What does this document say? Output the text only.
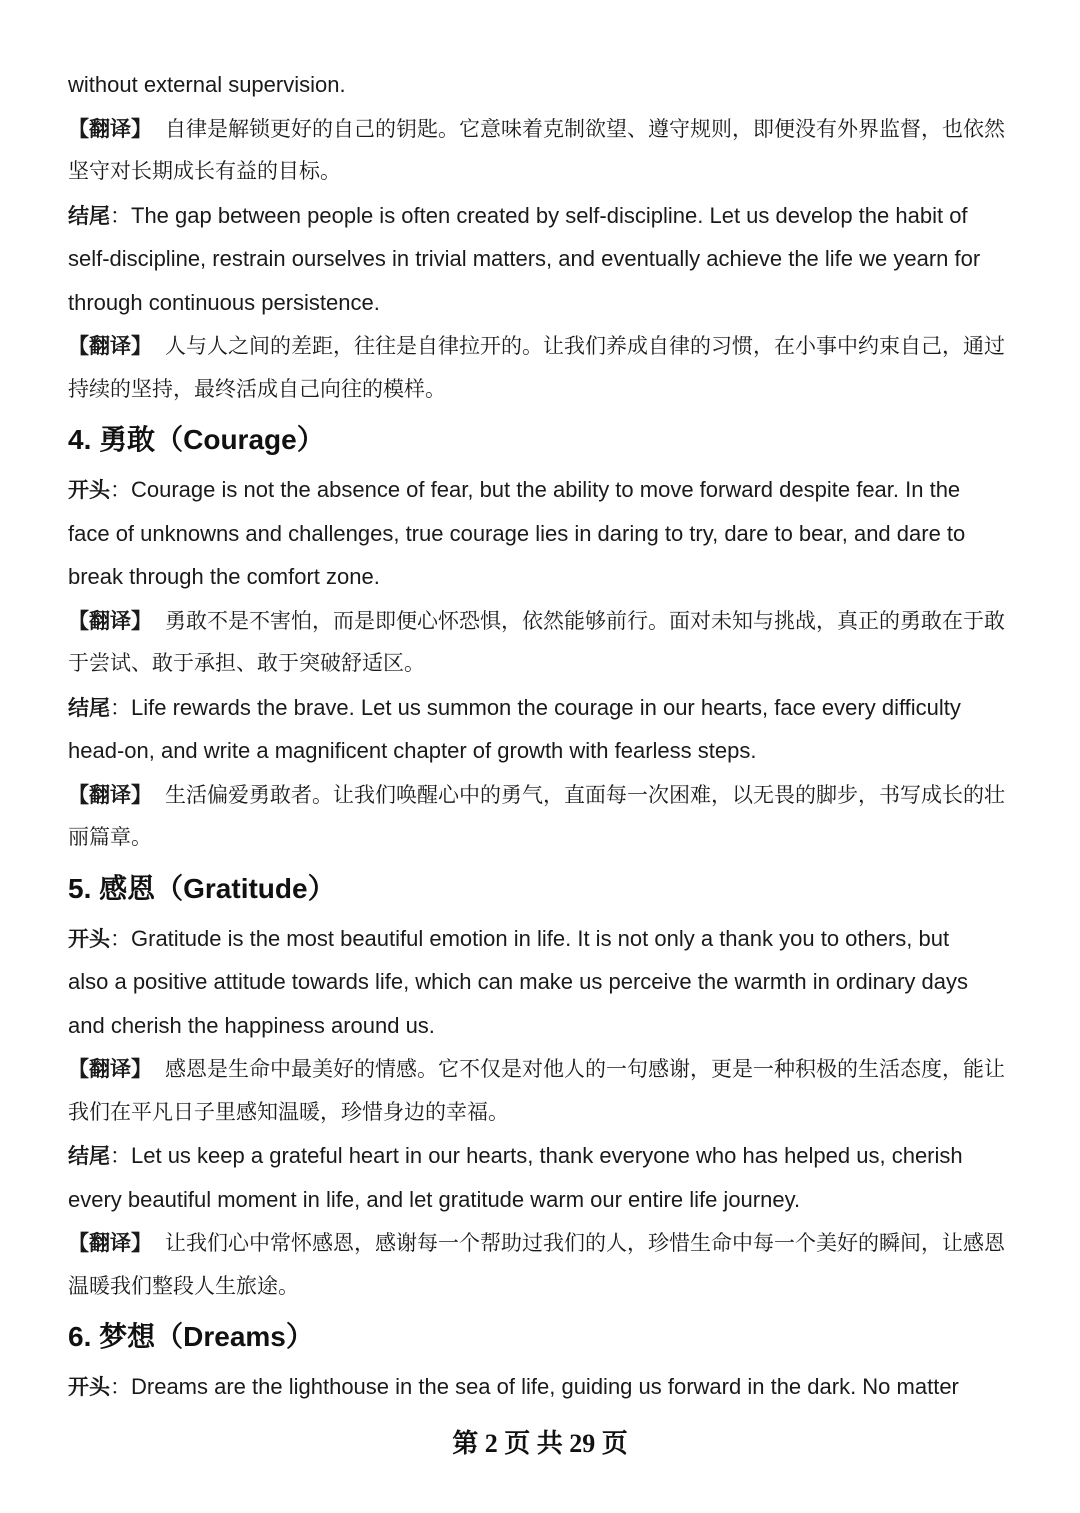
without external supervision.
【翻译】 自律是解锁更好的自己的钥匙。它意味着克制欲望、遵守规则，即便没有外界监督，也依然
坚守对长期成长有益的目标。
结尾：The gap between people is often created by self-discipline. Let us develop the habit of
self-discipline, restrain ourselves in trivial matters, and eventually achieve the life we yearn for
through continuous persistence.
【翻译】 人与人之间的差距，往往是自律拉开的。让我们养成自律的习惯，在小事中约束自己，通过
持续的坚持，最终活成自己向往的模样。
4. 勇敢（Courage）
开头：Courage is not the absence of fear, but the ability to move forward despite fear. In the
face of unknowns and challenges, true courage lies in daring to try, dare to bear, and dare to
break through the comfort zone.
【翻译】 勇敢不是不害怕，而是即便心怀恐惧，依然能够前行。面对未知与挑战，真正的勇敢在于敢
于尝试、敢于承担、敢于突破舒适区。
结尾：Life rewards the brave. Let us summon the courage in our hearts, face every difficulty
head-on, and write a magnificent chapter of growth with fearless steps.
【翻译】 生活偏爱勇敢者。让我们唤醒心中的勇气，直面每一次困难，以无畏的脚步，书写成长的壮
丽篇章。
5. 感恩（Gratitude）
开头：Gratitude is the most beautiful emotion in life. It is not only a thank you to others, but
also a positive attitude towards life, which can make us perceive the warmth in ordinary days
and cherish the happiness around us.
【翻译】 感恩是生命中最美好的情感。它不仅是对他人的一句感谢，更是一种积极的生活态度，能让
我们在平凡日子里感知温暖，珍惜身边的幸福。
结尾：Let us keep a grateful heart in our hearts, thank everyone who has helped us, cherish
every beautiful moment in life, and let gratitude warm our entire life journey.
【翻译】 让我们心中常怀感恩，感谢每一个帮助过我们的人，珍惜生命中每一个美好的瞬间，让感恩
温暖我们整段人生旅途。
6. 梦想（Dreams）
开头：Dreams are the lighthouse in the sea of life, guiding us forward in the dark. No matter
第 2 页 共 29 页
